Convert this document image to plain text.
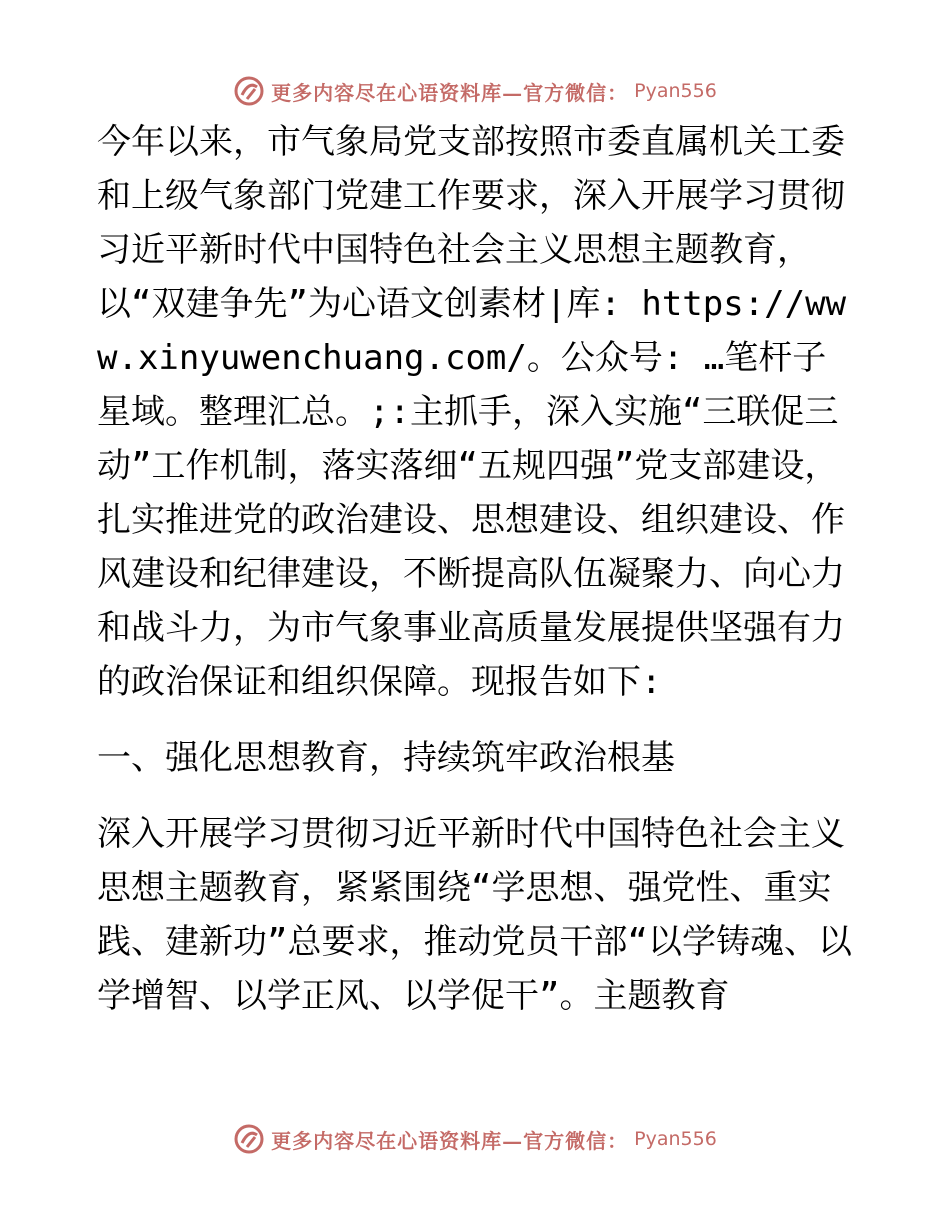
更多内容尽在心语资料库—官方微信： Pyan556

今年以来，市气象局党支部按照市委直属机关工委和上级气象部门党建工作要求，深入开展学习贯彻习近平新时代中国特色社会主义思想主题教育，以“双建争先”为心语文创素材|库: https://www.xinyuwenchuang.com/。公众号: …笔杆子星域。整理汇总。;:主抓手，深入实施“三联促三动”工作机制，落实落细“五规四强”党支部建设，扎实推进党的政治建设、思想建设、组织建设、作风建设和纪律建设，不断提高队伍凝聚力、向心力和战斗力，为市气象事业高质量发展提供坚强有力的政治保证和组织保障。现报告如下:

一、强化思想教育，持续筑牢政治根基

深入开展学习贯彻习近平新时代中国特色社会主义思想主题教育，紧紧围绕“学思想、强党性、重实践、建新功”总要求，推动党员干部“以学铸魂、以学增智、以学正风、以学促干”。主题教育

更多内容尽在心语资料库—官方微信： Pyan556
